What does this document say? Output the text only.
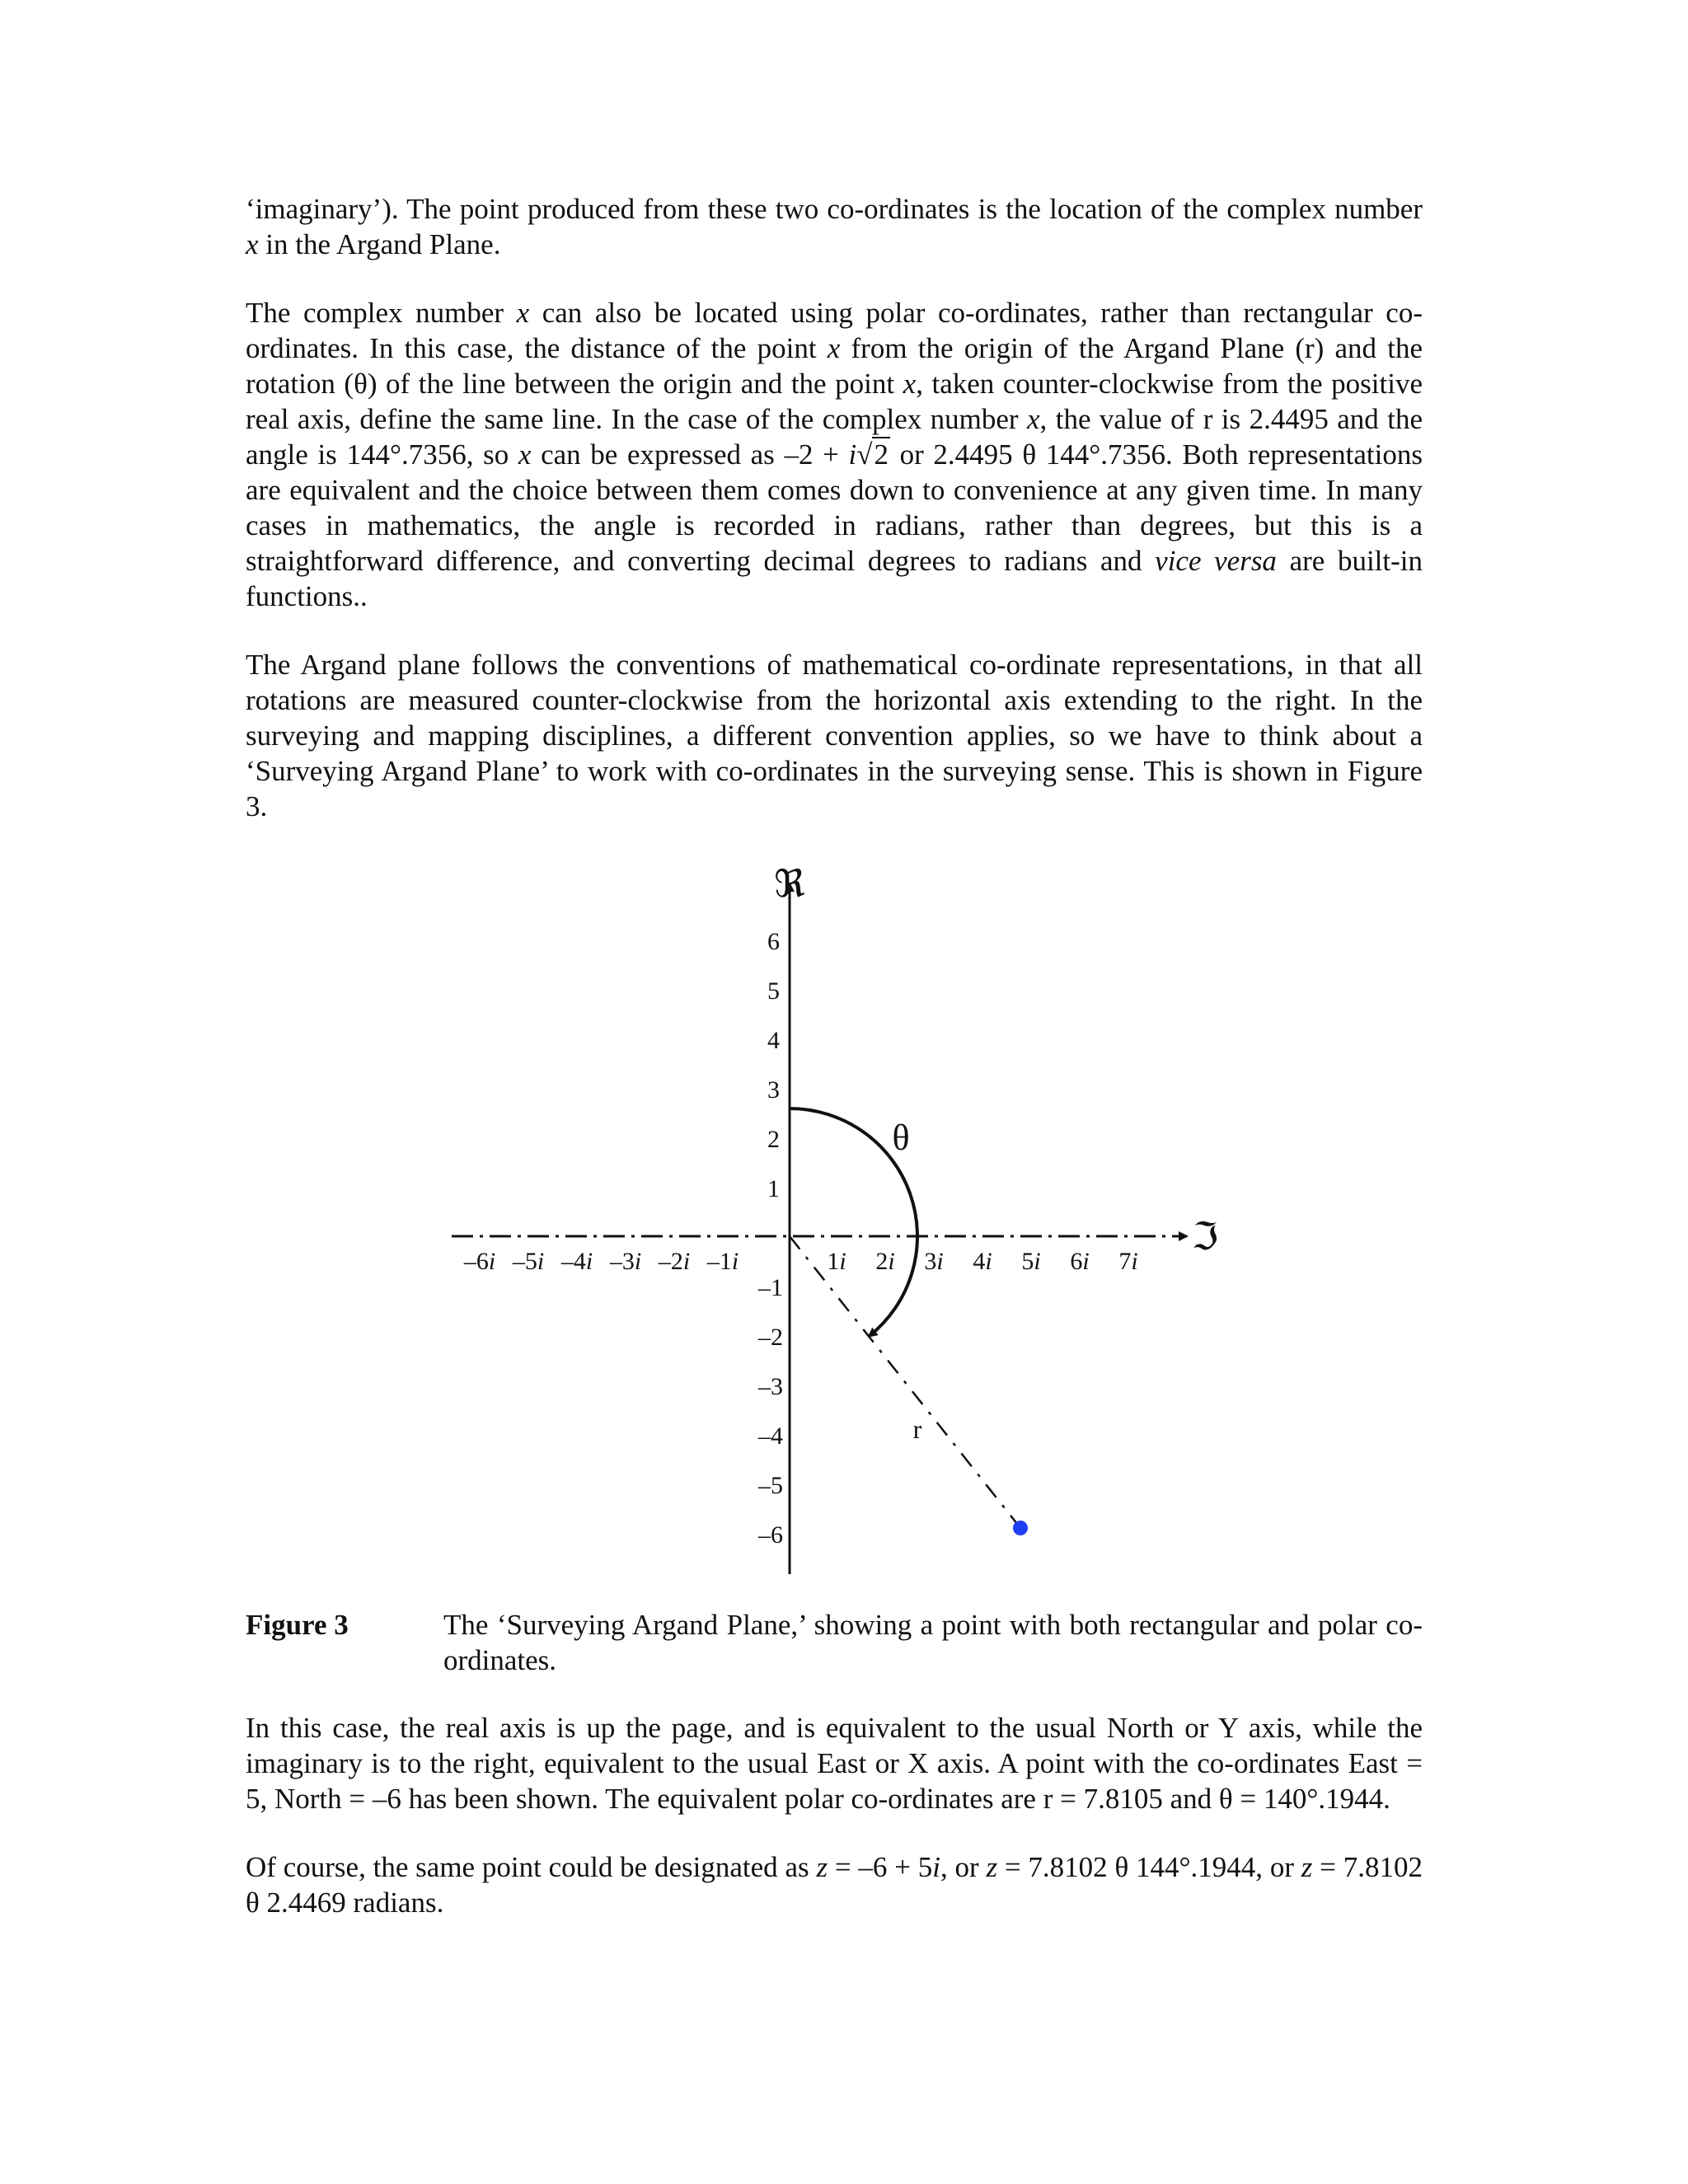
‘imaginary’). The point produced from these two co-ordinates is the location of the complex number x in the Argand Plane.

The complex number x can also be located using polar co-ordinates, rather than rectangular co-ordinates. In this case, the distance of the point x from the origin of the Argand Plane (r) and the rotation (θ) of the line between the origin and the point x, taken counter-clockwise from the positive real axis, define the same line. In the case of the complex number x, the value of r is 2.4495 and the angle is 144°.7356, so x can be expressed as –2 + i√2 or 2.4495 θ 144°.7356. Both representations are equivalent and the choice between them comes down to convenience at any given time. In many cases in mathematics, the angle is recorded in radians, rather than degrees, but this is a straightforward difference, and converting decimal degrees to radians and vice versa are built-in functions..

The Argand plane follows the conventions of mathematical co-ordinate representations, in that all rotations are measured counter-clockwise from the horizontal axis extending to the right. In the surveying and mapping disciplines, a different convention applies, so we have to think about a ‘Surveying Argand Plane’ to work with co-ordinates in the surveying sense. This is shown in Figure 3.

ℜ
ℑ
1
2
3
4
5
6
–1
–2
–3
–4
–5
–6
–6i –5i –4i –3i –2i –1i	1i 2i 3i 4i 5i 6i 7i
r
θ
Figure 3	The ‘Surveying Argand Plane,’ showing a point with both rectangular and polar co-ordinates.

In this case, the real axis is up the page, and is equivalent to the usual North or Y axis, while the imaginary is to the right, equivalent to the usual East or X axis. A point with the co-ordinates East = 5, North = –6 has been shown. The equivalent polar co-ordinates are r = 7.8105 and θ = 140°.1944.

Of course, the same point could be designated as z = –6 + 5i, or z = 7.8102 θ 144°.1944, or z = 7.8102 θ 2.4469 radians.
